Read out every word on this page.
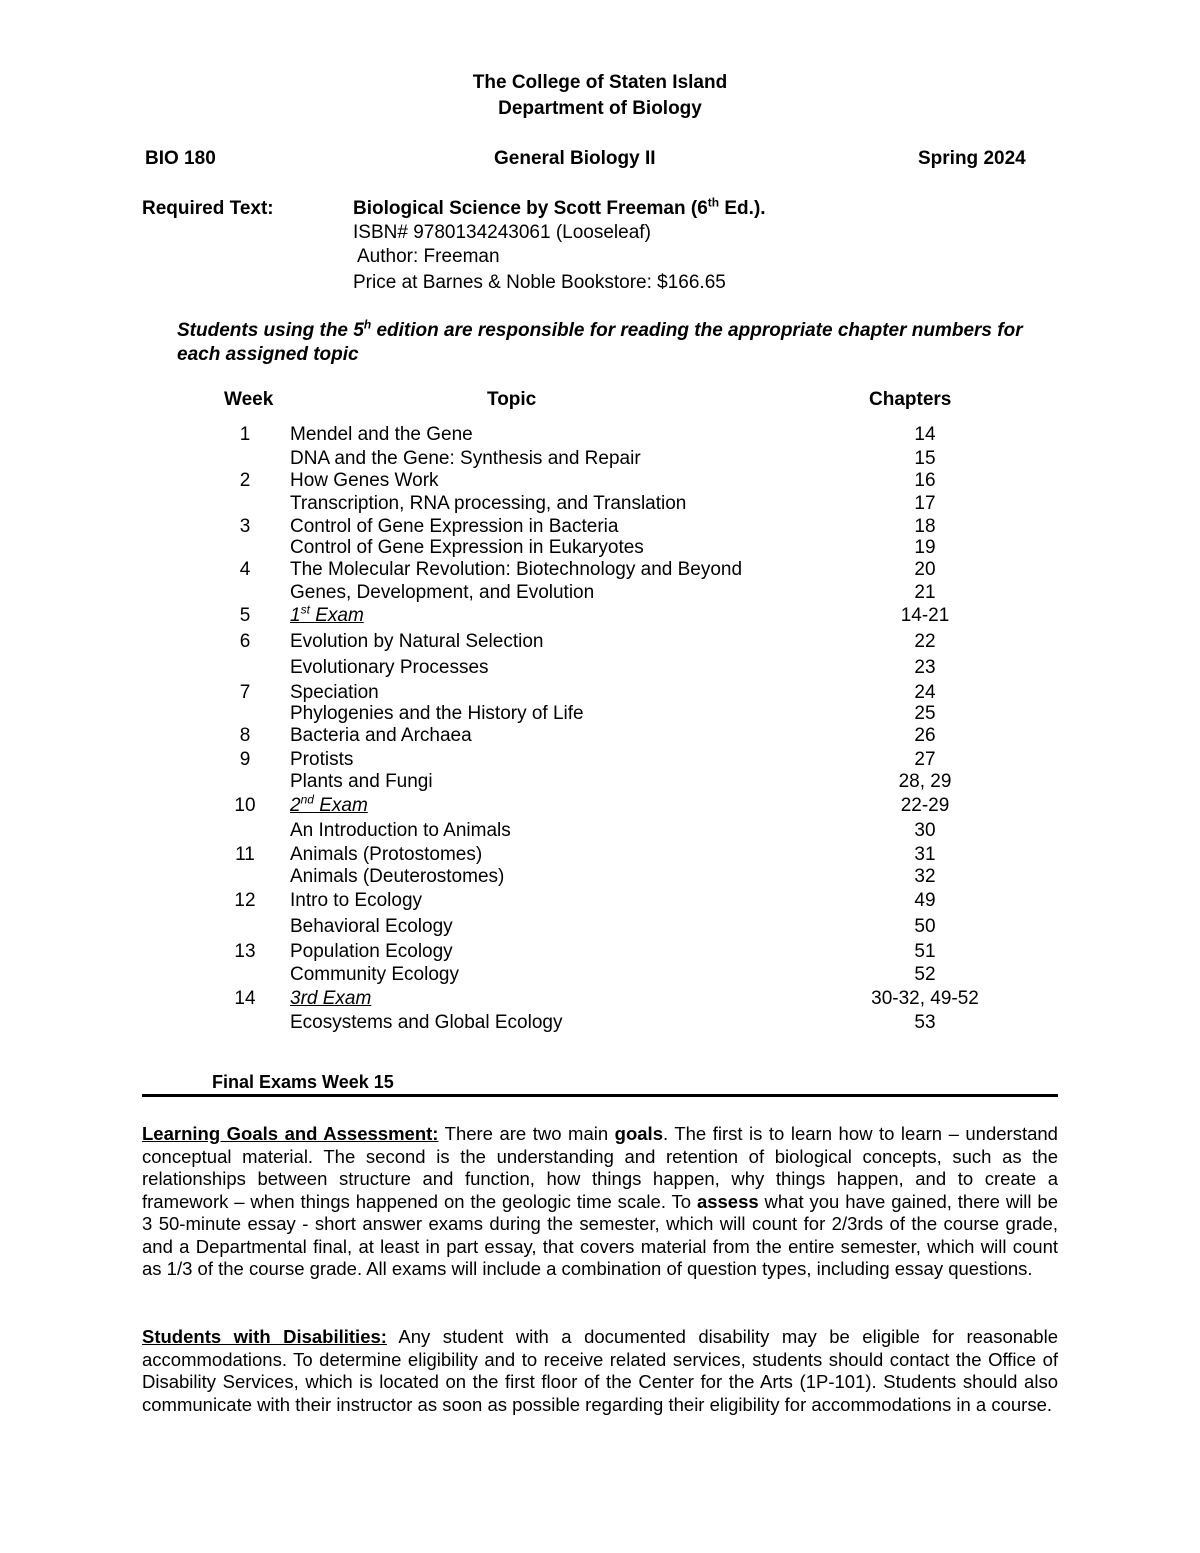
The College of Staten Island
Department of Biology
BIO 180	General Biology II	Spring 2024
Required Text:	Biological Science by Scott Freeman (6th Ed.).
ISBN# 9780134243061 (Looseleaf)
Author: Freeman
Price at Barnes & Noble Bookstore: $166.65
Students using the 5$^h$ edition are responsible for reading the appropriate chapter numbers for
each assigned topic
Week	Topic	Chapters
1	Mendel and the Gene	14
DNA and the Gene: Synthesis and Repair	15
2	How Genes Work	16
Transcription, RNA processing, and Translation	17
3	Control of Gene Expression in Bacteria	18
Control of Gene Expression in Eukaryotes	19
4	The Molecular Revolution: Biotechnology and Beyond	20
Genes, Development, and Evolution	21
5	1st Exam	14-21
6	Evolution by Natural Selection	22
Evolutionary Processes	23
7	Speciation	24
Phylogenies and the History of Life	25
8	Bacteria and Archaea	26
9	Protists	27
Plants and Fungi	28, 29
10	2nd Exam	22-29
An Introduction to Animals	30
11	Animals (Protostomes)	31
Animals (Deuterostomes)	32
12	Intro to Ecology	49
Behavioral Ecology	50
13	Population Ecology	51
Community Ecology	52
14	3rd Exam	30-32, 49-52
Ecosystems and Global Ecology	53
Final Exams Week 15
Learning Goals and Assessment: There are two main goals. The first is to learn how to learn – understand conceptual material. The second is the understanding and retention of biological concepts, such as the relationships between structure and function, how things happen, why things happen, and to create a framework – when things happened on the geologic time scale. To assess what you have gained, there will be 3 50-minute essay - short answer exams during the semester, which will count for 2/3rds of the course grade, and a Departmental final, at least in part essay, that covers material from the entire semester, which will count as 1/3 of the course grade. All exams will include a combination of question types, including essay questions.
Students with Disabilities: Any student with a documented disability may be eligible for reasonable accommodations. To determine eligibility and to receive related services, students should contact the Office of Disability Services, which is located on the first floor of the Center for the Arts (1P-101). Students should also communicate with their instructor as soon as possible regarding their eligibility for accommodations in a course.
